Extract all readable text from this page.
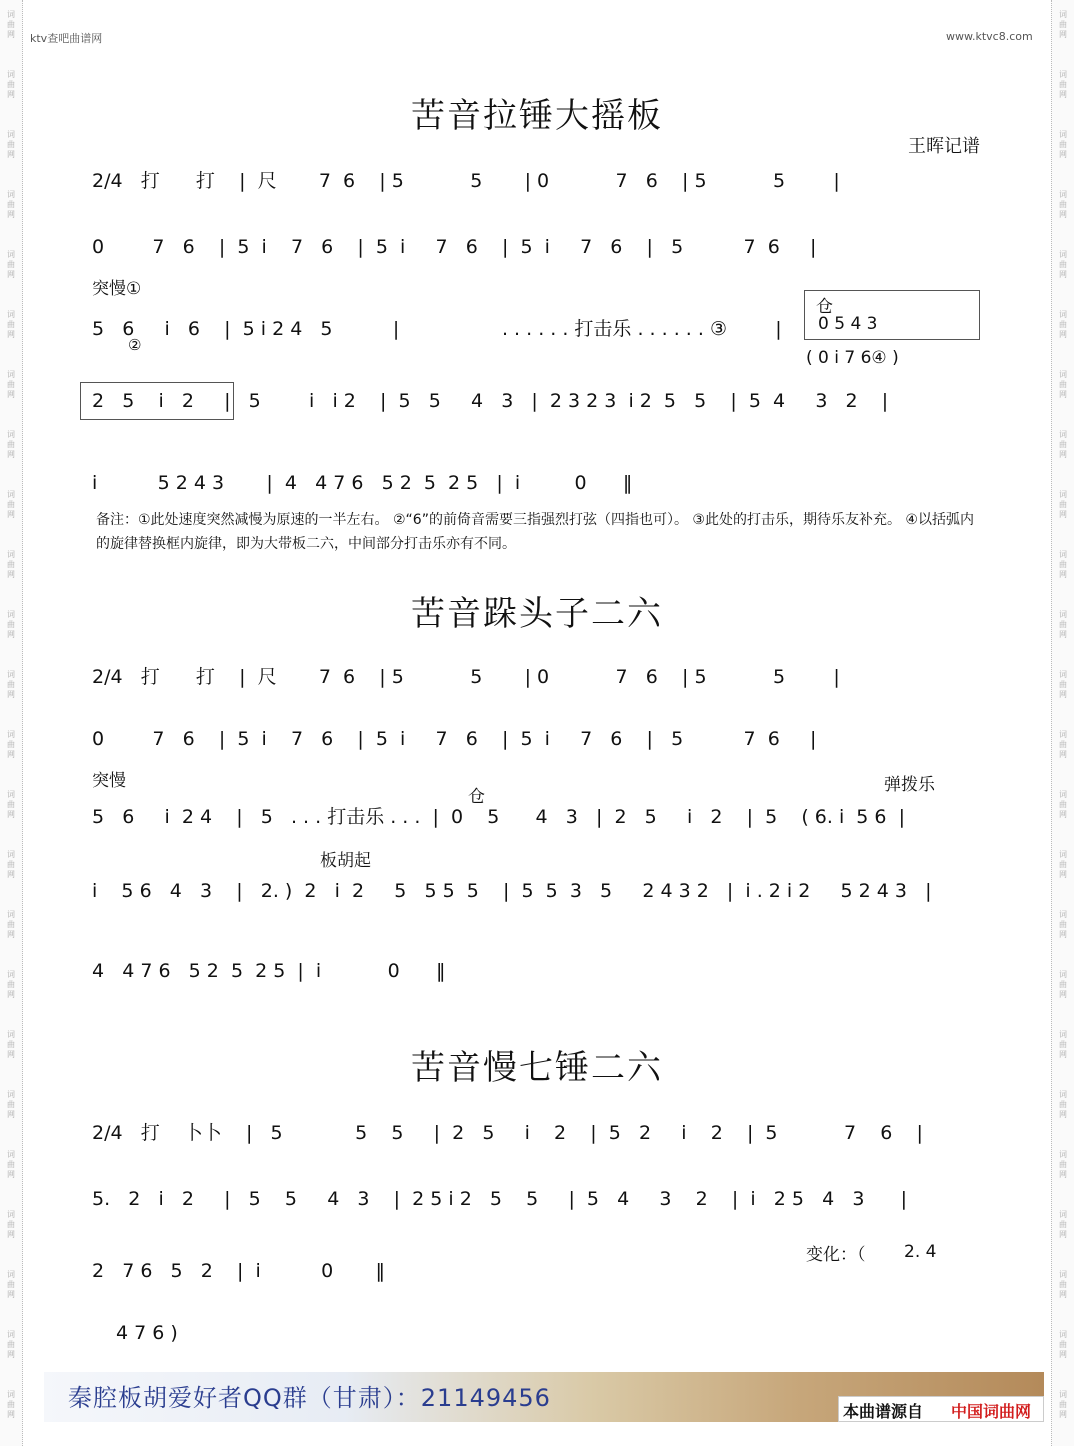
词
曲
网
词
曲
网
词
曲
网
词
曲
网
词
曲
网
词
曲
网
词
曲
网
词
曲
网
词
曲
网
词
曲
网
词
曲
网
词
曲
网
词
曲
网
词
曲
网
词
曲
网
词
曲
网
词
曲
网
词
曲
网
词
曲
网
词
曲
网
词
曲
网
词
曲
网
词
曲
网
词
曲
网
词
曲
网
词
曲
网
词
曲
网
词
曲
网
词
曲
网
词
曲
网
词
曲
网
词
曲
网
词
曲
网
词
曲
网
词
曲
网
词
曲
网
词
曲
网
词
曲
网
词
曲
网
词
曲
网
词
曲
网
词
曲
网
词
曲
网
词
曲
网
词
曲
网
词
曲
网
词
曲
网
词
曲
网
ktv查吧曲谱网	www.ktvc8.com
苦音拉锤大摇板
王晖记谱
2/4   打      打    |  尺       7  6    | 5           5       | 0           7   6    | 5           5        |
0        7   6    |  5  i    7   6    |  5  i     7   6    |  5  i     7   6    |   5          7  6     |
突慢①
5   6     i   6    |  5 i 2 4   5          |                 . . . . . . 打击乐 . . . . . . ③        |
②
仓
0 5 4 3
( 0 i 7 6④ )
2   5    i   2     |   5        i   i 2    |  5   5     4   3   |  2 3 2 3  i 2  5   5    |  5  4     3   2    |
i          5 2 4 3       |  4   4 7 6   5 2  5  2 5   |  i         0      ‖
备注：①此处速度突然减慢为原速的一半左右。 ②“6”的前倚音需要三指强烈打弦（四指也可）。 ③此处的打击乐，期待乐友补充。 ④以括弧内的旋律替换框内旋律，即为大带板二六，中间部分打击乐亦有不同。
苦音跺头子二六
2/4   打      打    |  尺       7  6    | 5           5       | 0           7   6    | 5           5        |
0        7   6    |  5  i    7   6    |  5  i     7   6    |  5  i     7   6    |   5          7  6     |
突慢
仓
弹拨乐
5   6     i  2 4    |   5   . . . 打击乐 . . .  |  0    5      4   3   |  2   5     i   2    |  5    ( 6. i  5 6  |
板胡起
i    5 6   4   3    |   2. )  2   i  2     5   5 5  5    |  5  5  3   5     2 4 3 2   |  i . 2 i 2     5 2 4 3   |
4   4 7 6   5 2  5  2 5  |  i           0      ‖
苦音慢七锤二六
2/4   打    卜卜    |   5            5    5     |  2   5     i    2    |  5   2     i    2    |  5           7    6    |
5.   2   i   2     |   5    5     4   3    |  2 5 i 2   5    5     |  5   4     3    2    |  i   2 5   4   3      |
变化：（ 2. 4
2   7 6   5   2    |  i          0       ‖
4 7 6 )
秦腔板胡爱好者QQ群（甘肃）：21149456	本曲谱源自 中国词曲网
